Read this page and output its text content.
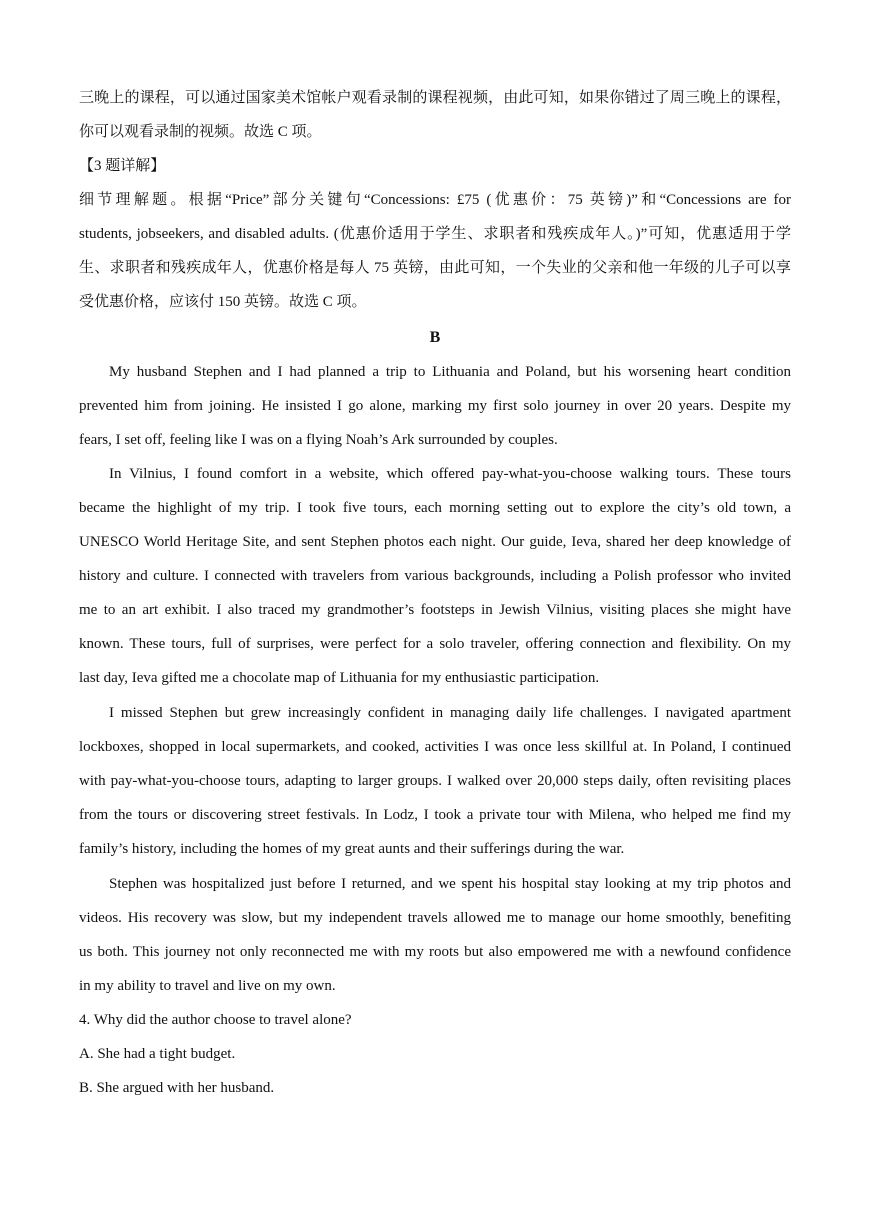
三晚上的课程，可以通过国家美术馆帐户观看录制的课程视频，由此可知，如果你错过了周三晚上的课程，
你可以观看录制的视频。故选 C 项。
【3 题详解】
细节理解题。根据“Price”部分关键句“Concessions: £75 (优惠价：75 英镑)”和“Concessions are for
students, jobseekers, and disabled adults. (优惠价适用于学生、求职者和残疾成年人。)”可知，优惠适用于学
生、求职者和残疾成年人，优惠价格是每人 75 英镑，由此可知，一个失业的父亲和他一年级的儿子可以享
受优惠价格，应该付 150 英镑。故选 C 项。
B
My husband Stephen and I had planned a trip to Lithuania and Poland, but his worsening heart condition
prevented him from joining. He insisted I go alone, marking my first solo journey in over 20 years. Despite my
fears, I set off, feeling like I was on a flying Noah’s Ark surrounded by couples.
In Vilnius, I found comfort in a website, which offered pay-what-you-choose walking tours. These tours
became the highlight of my trip. I took five tours, each morning setting out to explore the city’s old town, a
UNESCO World Heritage Site, and sent Stephen photos each night. Our guide, Ieva, shared her deep knowledge of
history and culture. I connected with travelers from various backgrounds, including a Polish professor who invited
me to an art exhibit. I also traced my grandmother’s footsteps in Jewish Vilnius, visiting places she might have
known. These tours, full of surprises, were perfect for a solo traveler, offering connection and flexibility. On my
last day, Ieva gifted me a chocolate map of Lithuania for my enthusiastic participation.
I missed Stephen but grew increasingly confident in managing daily life challenges. I navigated apartment
lockboxes, shopped in local supermarkets, and cooked, activities I was once less skillful at. In Poland, I continued
with pay-what-you-choose tours, adapting to larger groups. I walked over 20,000 steps daily, often revisiting places
from the tours or discovering street festivals. In Lodz, I took a private tour with Milena, who helped me find my
family’s history, including the homes of my great aunts and their sufferings during the war.
Stephen was hospitalized just before I returned, and we spent his hospital stay looking at my trip photos and
videos. His recovery was slow, but my independent travels allowed me to manage our home smoothly, benefiting
us both. This journey not only reconnected me with my roots but also empowered me with a newfound confidence
in my ability to travel and live on my own.
4. Why did the author choose to travel alone?
A. She had a tight budget.
B. She argued with her husband.
